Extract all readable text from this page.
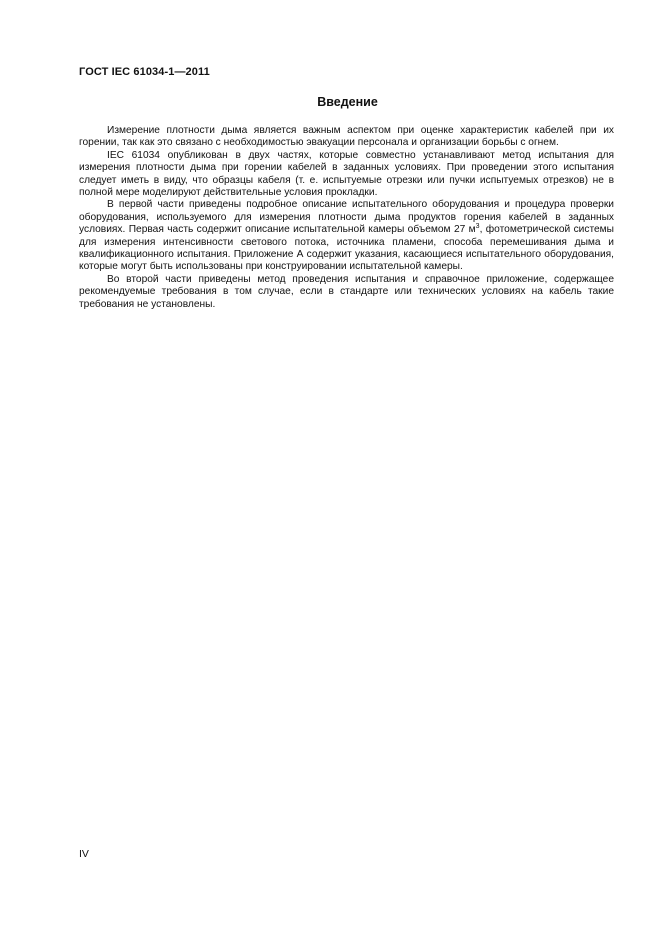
ГОСТ IEC 61034-1—2011
Введение

Измерение плотности дыма является важным аспектом при оценке характеристик кабелей при их горении, так как это связано с необходимостью эвакуации персонала и организации борьбы с огнем.

IEC 61034 опубликован в двух частях, которые совместно устанавливают метод испытания для измерения плотности дыма при горении кабелей в заданных условиях. При проведении этого испытания следует иметь в виду, что образцы кабеля (т. е. испытуемые отрезки или пучки испытуемых отрезков) не в полной мере моделируют действительные условия прокладки.

В первой части приведены подробное описание испытательного оборудования и процедура проверки оборудования, используемого для измерения плотности дыма продуктов горения кабелей в заданных условиях. Первая часть содержит описание испытательной камеры объемом 27 $м^3$, фотометрической системы для измерения интенсивности светового потока, источника пламени, способа перемешивания дыма и квалификационного испытания. Приложение А содержит указания, касающиеся испытательного оборудования, которые могут быть использованы при конструировании испытательной камеры.

Во второй части приведены метод проведения испытания и справочное приложение, содержащее рекомендуемые требования в том случае, если в стандарте или технических условиях на кабель такие требования не установлены.

IV
